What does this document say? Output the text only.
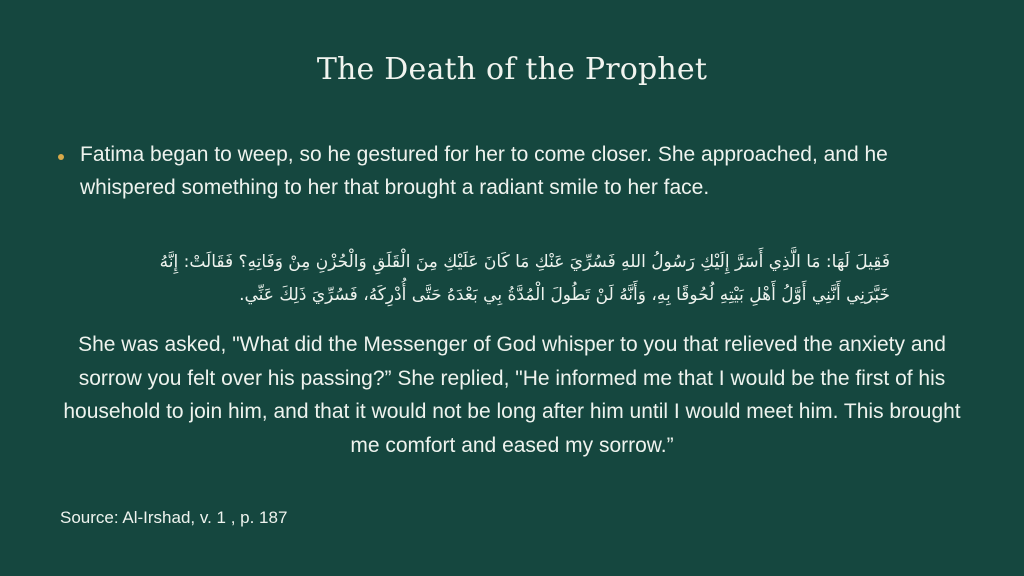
The Death of the Prophet
Fatima began to weep, so he gestured for her to come closer. She approached, and he whispered something to her that brought a radiant smile to her face.
فَقِيلَ لَهَا: مَا الَّذِي أَسَرَّ إِلَيْكِ رَسُولُ اللهِ فَسُرِّيَ عَنْكِ مَا كَانَ عَلَيْكِ مِنَ الْقَلَقِ وَالْحُزْنِ مِنْ وَفَاتِهِ؟ فَقَالَتْ: إِنَّهُ خَبَّرَنِي أَنَّنِي أَوَّلُ أَهْلِ بَيْتِهِ لُحُوقًا بِهِ، وَأَنَّهُ لَنْ تَطُولَ الْمُدَّةُ بِي بَعْدَهُ حَتَّى أُدْرِكَهُ، فَسُرِّيَ ذَلِكَ عَنِّي.
She was asked, "What did the Messenger of God whisper to you that relieved the anxiety and sorrow you felt over his passing?” She replied, "He informed me that I would be the first of his household to join him, and that it would not be long after him until I would meet him. This brought me comfort and eased my sorrow.”
Source: Al-Irshad, v. 1 , p. 187
